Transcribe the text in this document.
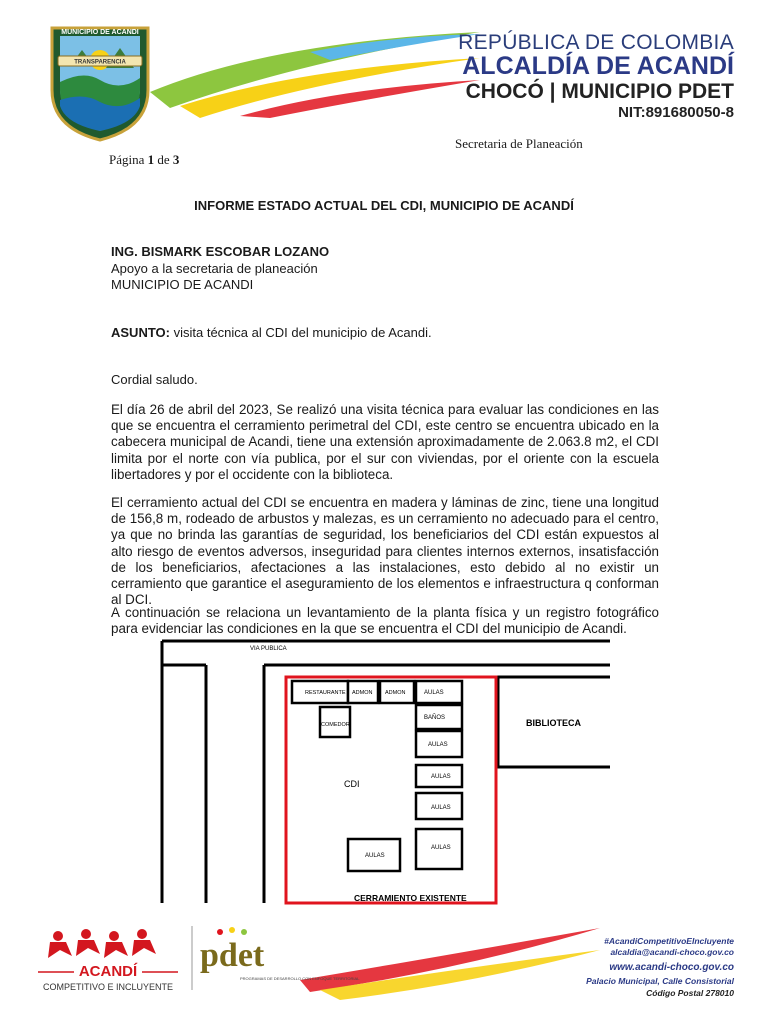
TRANSPARENCIA
MUNICIPIO DE ACANDI	REPÚBLICA DE COLOMBIA
ALCALDÍA DE ACANDÍ
CHOCÓ | MUNICIPIO PDET
NIT:891680050-8
Secretaria de Planeación
Página 1 de 3
INFORME ESTADO ACTUAL DEL CDI, MUNICIPIO DE ACANDÍ
ING. BISMARK ESCOBAR LOZANO
Apoyo a la secretaria de planeación
MUNICIPIO DE ACANDI
ASUNTO: visita técnica al CDI del municipio de Acandi.
Cordial saludo.

El día 26 de abril del 2023, Se realizó una visita técnica para evaluar las condiciones en las que se encuentra el cerramiento perimetral del CDI, este centro se encuentra ubicado en la cabecera municipal de Acandi, tiene una extensión aproximadamente de 2.063.8 m2, el CDI limita por el norte con vía publica, por el sur con viviendas, por el oriente con la escuela libertadores y por el occidente con la biblioteca.

El cerramiento actual del CDI se encuentra en madera y láminas de zinc, tiene una longitud de 156,8 m, rodeado de arbustos y malezas, es un cerramiento no adecuado para el centro, ya que no brinda las garantías de seguridad, los beneficiarios del CDI están expuestos al alto riesgo de eventos adversos, inseguridad para clientes internos externos, insatisfacción de los beneficiarios, afectaciones a las instalaciones, esto debido al no existir un cerramiento que garantice el aseguramiento de los elementos e infraestructura q conforman al DCI.

A continuación se relaciona un levantamiento de la planta física y un registro fotográfico para evidenciar las condiciones en la que se encuentra el CDI del municipio de Acandi.

VIA PUBLICA
RESTAURANTE ADMON ADMON
COMEDOR
AULAS
BAÑOS
AULAS
AULAS
AULAS
AULAS
AULAS
CDI
BIBLIOTECA
CERRAMIENTO EXISTENTE
ACANDÍ
COMPETITIVO E INCLUYENTE
pdet
PROGRAMAS DE DESARROLLO CON ENFOQUE TERRITORIAL
#AcandiCompetitivoEIncluyente
alcaldia@acandi-choco.gov.co
www.acandi-choco.gov.co
Palacio Municipal, Calle Consistorial
Código Postal 278010
